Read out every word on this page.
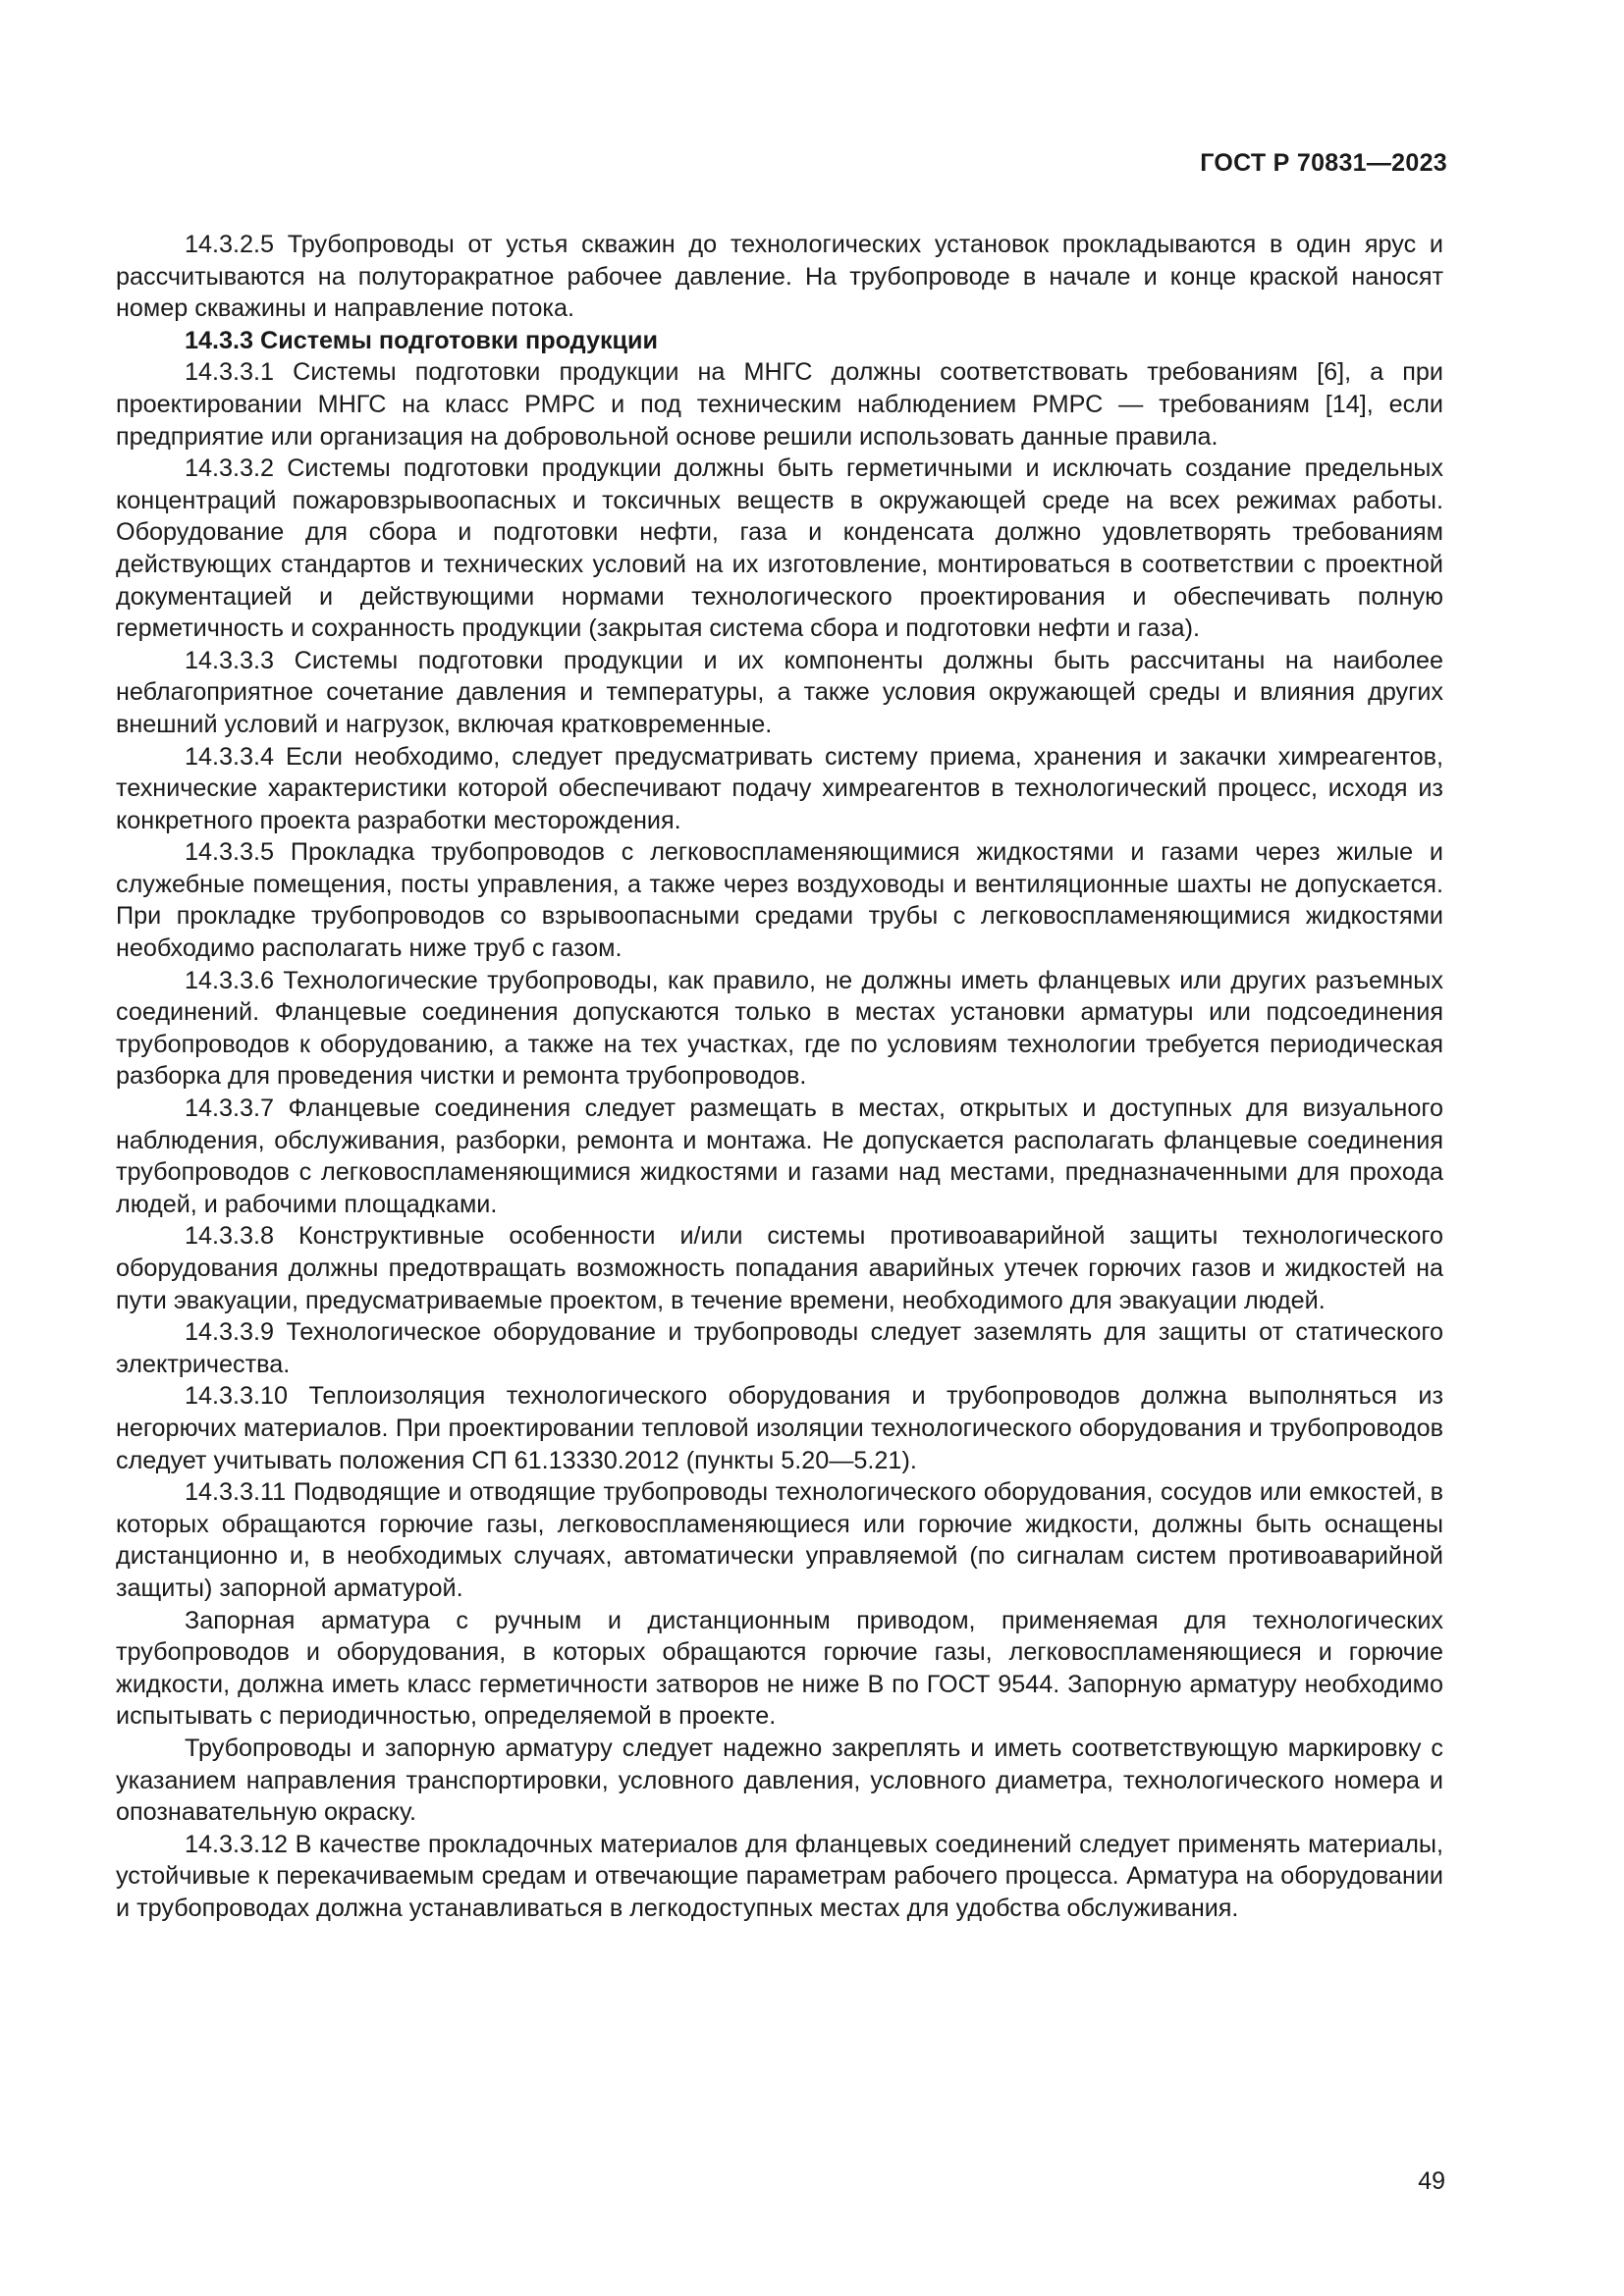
ГОСТ Р 70831—2023

14.3.2.5 Трубопроводы от устья скважин до технологических установок прокладываются в один ярус и рассчитываются на полуторакратное рабочее давление. На трубопроводе в начале и конце краской наносят номер скважины и направление потока.

14.3.3 Системы подготовки продукции

14.3.3.1 Системы подготовки продукции на МНГС должны соответствовать требованиям [6], а при проектировании МНГС на класс РМРС и под техническим наблюдением РМРС — требованиям [14], если предприятие или организация на добровольной основе решили использовать данные правила.

14.3.3.2 Системы подготовки продукции должны быть герметичными и исключать создание предельных концентраций пожаровзрывоопасных и токсичных веществ в окружающей среде на всех режимах работы. Оборудование для сбора и подготовки нефти, газа и конденсата должно удовлетворять требованиям действующих стандартов и технических условий на их изготовление, монтироваться в соответствии с проектной документацией и действующими нормами технологического проектирования и обеспечивать полную герметичность и сохранность продукции (закрытая система сбора и подготовки нефти и газа).

14.3.3.3 Системы подготовки продукции и их компоненты должны быть рассчитаны на наиболее неблагоприятное сочетание давления и температуры, а также условия окружающей среды и влияния других внешний условий и нагрузок, включая кратковременные.

14.3.3.4 Если необходимо, следует предусматривать систему приема, хранения и закачки химреагентов, технические характеристики которой обеспечивают подачу химреагентов в технологический процесс, исходя из конкретного проекта разработки месторождения.

14.3.3.5 Прокладка трубопроводов с легковоспламеняющимися жидкостями и газами через жилые и служебные помещения, посты управления, а также через воздуховоды и вентиляционные шахты не допускается. При прокладке трубопроводов со взрывоопасными средами трубы с легковоспламеняющимися жидкостями необходимо располагать ниже труб с газом.

14.3.3.6 Технологические трубопроводы, как правило, не должны иметь фланцевых или других разъемных соединений. Фланцевые соединения допускаются только в местах установки арматуры или подсоединения трубопроводов к оборудованию, а также на тех участках, где по условиям технологии требуется периодическая разборка для проведения чистки и ремонта трубопроводов.

14.3.3.7 Фланцевые соединения следует размещать в местах, открытых и доступных для визуального наблюдения, обслуживания, разборки, ремонта и монтажа. Не допускается располагать фланцевые соединения трубопроводов с легковоспламеняющимися жидкостями и газами над местами, предназначенными для прохода людей, и рабочими площадками.

14.3.3.8 Конструктивные особенности и/или системы противоаварийной защиты технологического оборудования должны предотвращать возможность попадания аварийных утечек горючих газов и жидкостей на пути эвакуации, предусматриваемые проектом, в течение времени, необходимого для эвакуации людей.

14.3.3.9 Технологическое оборудование и трубопроводы следует заземлять для защиты от статического электричества.

14.3.3.10 Теплоизоляция технологического оборудования и трубопроводов должна выполняться из негорючих материалов. При проектировании тепловой изоляции технологического оборудования и трубопроводов следует учитывать положения СП 61.13330.2012 (пункты 5.20—5.21).

14.3.3.11 Подводящие и отводящие трубопроводы технологического оборудования, сосудов или емкостей, в которых обращаются горючие газы, легковоспламеняющиеся или горючие жидкости, должны быть оснащены дистанционно и, в необходимых случаях, автоматически управляемой (по сигналам систем противоаварийной защиты) запорной арматурой.

Запорная арматура с ручным и дистанционным приводом, применяемая для технологических трубопроводов и оборудования, в которых обращаются горючие газы, легковоспламеняющиеся и горючие жидкости, должна иметь класс герметичности затворов не ниже В по ГОСТ 9544. Запорную арматуру необходимо испытывать с периодичностью, определяемой в проекте.

Трубопроводы и запорную арматуру следует надежно закреплять и иметь соответствующую маркировку с указанием направления транспортировки, условного давления, условного диаметра, технологического номера и опознавательную окраску.

14.3.3.12 В качестве прокладочных материалов для фланцевых соединений следует применять материалы, устойчивые к перекачиваемым средам и отвечающие параметрам рабочего процесса. Арматура на оборудовании и трубопроводах должна устанавливаться в легкодоступных местах для удобства обслуживания.

49
